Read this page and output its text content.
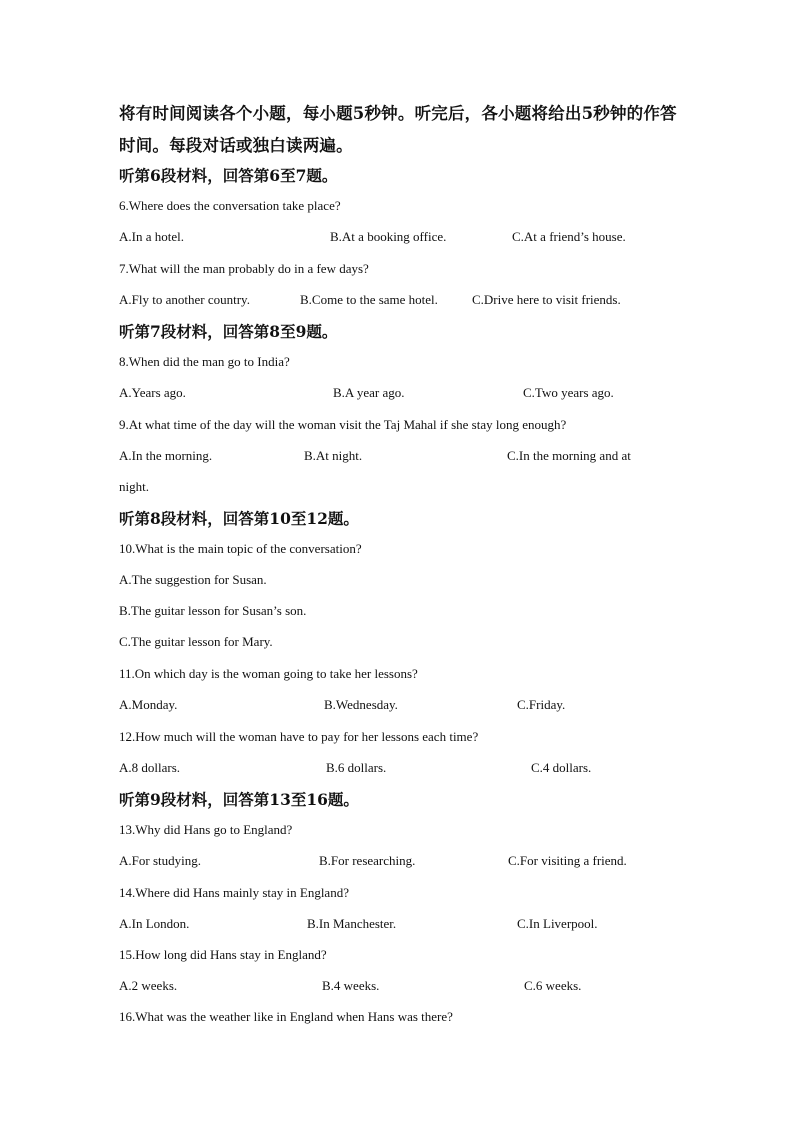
将有时间阅读各个小题，每小题5秒钟。听完后，各小题将给出5秒钟的作答
时间。每段对话或独白读两遍。
听第6段材料，回答第6至7题。
6.Where does the conversation take place?
A.In a hotel.	B.At a booking office.	C.At a friend’s house.
7.What will the man probably do in a few days?
A.Fly to another country.	B.Come to the same hotel.	C.Drive here to visit friends.
听第7段材料，回答第8至9题。
8.When did the man go to India?
A.Years ago.	B.A year ago.	C.Two years ago.
9.At what time of the day will the woman visit the Taj Mahal if she stay long enough?
A.In the morning.	B.At night.	C.In the morning and at
night.
听第8段材料，回答第10至12题。
10.What is the main topic of the conversation?
A.The suggestion for Susan.
B.The guitar lesson for Susan’s son.
C.The guitar lesson for Mary.
11.On which day is the woman going to take her lessons?
A.Monday.	B.Wednesday.	C.Friday.
12.How much will the woman have to pay for her lessons each time?
A.8 dollars.	B.6 dollars.	C.4 dollars.
听第9段材料，回答第13至16题。
13.Why did Hans go to England?
A.For studying.	B.For researching.	C.For visiting a friend.
14.Where did Hans mainly stay in England?
A.In London.	B.In Manchester.	C.In Liverpool.
15.How long did Hans stay in England?
A.2 weeks.	B.4 weeks.	C.6 weeks.
16.What was the weather like in England when Hans was there?
